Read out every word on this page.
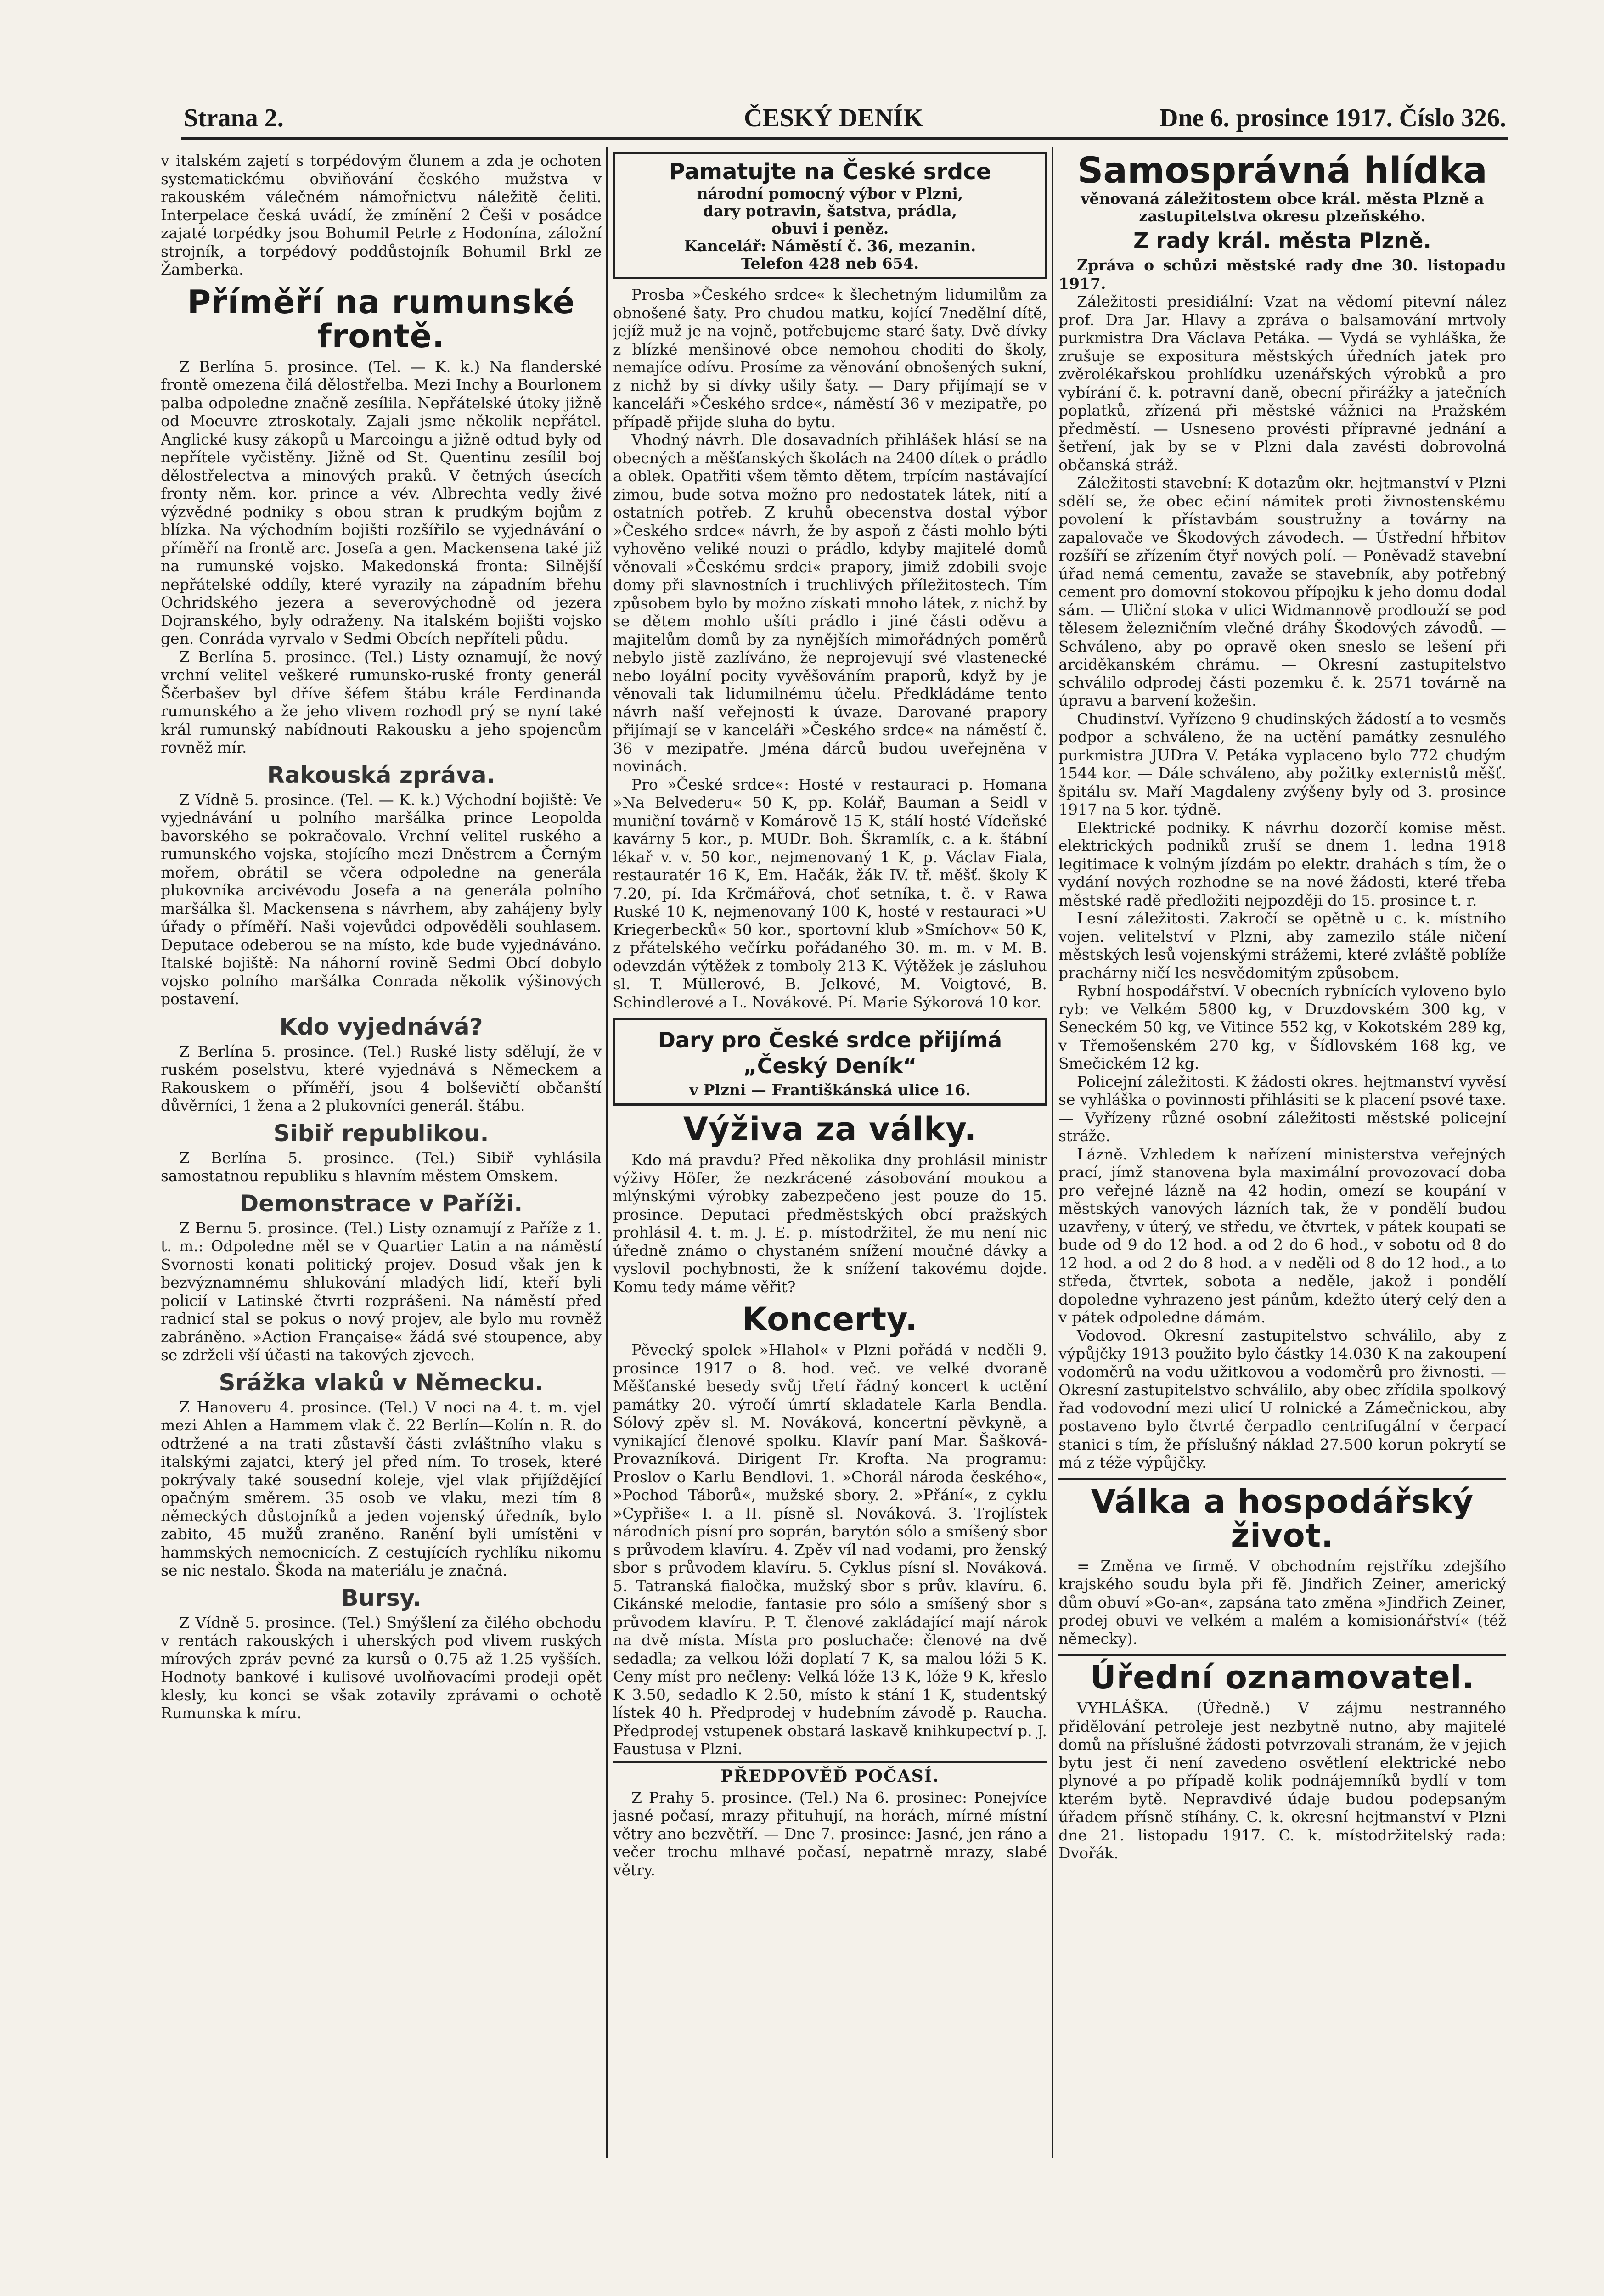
Strana 2.	ČESKÝ DENÍK	Dne 6. prosince 1917. Číslo 326.

v italském zajetí s torpédovým člunem a zda je ochoten systematickému obviňování českého mužstva v rakouském válečném námořnictvu náležitě čeliti. Interpelace česká uvádí, že zmínění 2 Češi v posádce zajaté torpédky jsou Bohumil Petrle z Hodonína, záložní strojník, a torpédový poddůstojník Bohumil Brkl ze Žamberka.

Příměří na rumunské frontě.

Z Berlína 5. prosince. (Tel. — K. k.) Na flanderské frontě omezena čilá dělostřelba. Mezi Inchy a Bourlonem palba odpoledne značně zesílila. Nepřátelské útoky jižně od Moeuvre ztroskotaly. Zajali jsme několik nepřátel. Anglické kusy zákopů u Marcoingu a jižně odtud byly od nepřítele vyčistěny. Jižně od St. Quentinu zesílil boj dělostřelectva a minových praků. V četných úsecích fronty něm. kor. prince a vév. Albrechta vedly živé výzvědné podniky s obou stran k prudkým bojům z blízka. Na východním bojišti rozšířilo se vyjednávání o příměří na frontě arc. Josefa a gen. Mackensena také již na rumunské vojsko. Makedonská fronta: Silnější nepřátelské oddíly, které vyrazily na západním břehu Ochridského jezera a severovýchodně od jezera Dojranského, byly odraženy. Na italském bojišti vojsko gen. Conráda vyrvalo v Sedmi Obcích nepříteli půdu.

Z Berlína 5. prosince. (Tel.) Listy oznamují, že nový vrchní velitel veškeré rumunsko-ruské fronty generál Ščerbašev byl dříve šéfem štábu krále Ferdinanda rumunského a že jeho vlivem rozhodl prý se nyní také král rumunský nabídnouti Rakousku a jeho spojencům rovněž mír.

Rakouská zpráva.

Z Vídně 5. prosince. (Tel. — K. k.) Východní bojiště: Ve vyjednávání u polního maršálka prince Leopolda bavorského se pokračovalo. Vrchní velitel ruského a rumunského vojska, stojícího mezi Dněstrem a Černým mořem, obrátil se včera odpoledne na generála plukovníka arcivévodu Josefa a na generála polního maršálka šl. Mackensena s návrhem, aby zahájeny byly úřady o příměří. Naši vojevůdci odpověděli souhlasem. Deputace odeberou se na místo, kde bude vyjednáváno. Italské bojiště: Na náhorní rovině Sedmi Obcí dobylo vojsko polního maršálka Conrada několik výšinových postavení.

Kdo vyjednává?

Z Berlína 5. prosince. (Tel.) Ruské listy sdělují, že v ruském poselstvu, které vyjednává s Německem a Rakouskem o příměří, jsou 4 bolševičtí občanští důvěrníci, 1 žena a 2 plukovníci generál. štábu.

Sibiř republikou.

Z Berlína 5. prosince. (Tel.) Sibiř vyhlásila samostatnou republiku s hlavním městem Omskem.

Demonstrace v Paříži.

Z Bernu 5. prosince. (Tel.) Listy oznamují z Paříže z 1. t. m.: Odpoledne měl se v Quartier Latin a na náměstí Svornosti konati politický projev. Dosud však jen k bezvýznamnému shlukování mladých lidí, kteří byli policií v Latinské čtvrti rozprášeni. Na náměstí před radnicí stal se pokus o nový projev, ale bylo mu rovněž zabráněno. »Action Française« žádá své stoupence, aby se zdrželi vší účasti na takových zjevech.

Srážka vlaků v Německu.

Z Hanoveru 4. prosince. (Tel.) V noci na 4. t. m. vjel mezi Ahlen a Hammem vlak č. 22 Berlín—Kolín n. R. do odtržené a na trati zůstavší části zvláštního vlaku s italskými zajatci, který jel před ním. To trosek, které pokrývaly také sousední koleje, vjel vlak přijíždějící opačným směrem. 35 osob ve vlaku, mezi tím 8 německých důstojníků a jeden vojenský úředník, bylo zabito, 45 mužů zraněno. Ranění byli umístěni v hammských nemocnicích. Z cestujících rychlíku nikomu se nic nestalo. Škoda na materiálu je značná.

Bursy.

Z Vídně 5. prosince. (Tel.) Smýšlení za čilého obchodu v rentách rakouských i uherských pod vlivem ruských mírových zpráv pevné za kursů o 0.75 až 1.25 vyšších. Hodnoty bankové i kulisové uvolňovacími prodeji opět klesly, ku konci se však zotavily zprávami o ochotě Rumunska k míru.

Pamatujte na České srdce
národní pomocný výbor v Plzni,
dary potravin, šatstva, prádla,
obuvi i peněz.
Kancelář: Náměstí č. 36, mezanin.
Telefon 428 neb 654.

Prosba »Českého srdce« k šlechetným lidumilům za obnošené šaty. Pro chudou matku, kojící 7nedělní dítě, jejíž muž je na vojně, potřebujeme staré šaty. Dvě dívky z blízké menšinové obce nemohou choditi do školy, nemajíce odívu. Prosíme za věnování obnošených sukní, z nichž by si dívky ušily šaty. — Dary přijímají se v kanceláři »Českého srdce«, náměstí 36 v mezipatře, po případě přijde sluha do bytu.

Vhodný návrh. Dle dosavadních přihlášek hlásí se na obecných a měšťanských školách na 2400 dítek o prádlo a oblek. Opatřiti všem těmto dětem, trpícím nastávající zimou, bude sotva možno pro nedostatek látek, nití a ostatních potřeb. Z kruhů obecenstva dostal výbor »Českého srdce« návrh, že by aspoň z části mohlo býti vyhověno veliké nouzi o prádlo, kdyby majitelé domů věnovali »Českému srdci« prapory, jimiž zdobili svoje domy při slavnostních i truchlivých příležitostech. Tím způsobem bylo by možno získati mnoho látek, z nichž by se dětem mohlo ušíti prádlo i jiné části oděvu a majitelům domů by za nynějších mimořádných poměrů nebylo jistě zazlíváno, že neprojevují své vlastenecké nebo loyální pocity vyvěšováním praporů, když by je věnovali tak lidumilnému účelu. Předkládáme tento návrh naší veřejnosti k úvaze. Darované prapory přijímají se v kanceláři »Českého srdce« na náměstí č. 36 v mezipatře. Jména dárců budou uveřejněna v novinách.

Pro »České srdce«: Hosté v restauraci p. Homana »Na Belvederu« 50 K, pp. Kolář, Bauman a Seidl v muniční továrně v Komárově 15 K, stálí hosté Vídeňské kavárny 5 kor., p. MUDr. Boh. Škramlík, c. a k. štábní lékař v. v. 50 kor., nejmenovaný 1 K, p. Václav Fiala, restauratér 16 K, Em. Hačák, žák IV. tř. měšť. školy K 7.20, pí. Ida Krčmářová, choť setníka, t. č. v Rawa Ruské 10 K, nejmenovaný 100 K, hosté v restauraci »U Kriegerbecků« 50 kor., sportovní klub »Smíchov« 50 K, z přátelského večírku pořádaného 30. m. m. v M. B. odevzdán výtěžek z tomboly 213 K. Výtěžek je zásluhou sl. T. Müllerové, B. Jelkové, M. Voigtové, B. Schindlerové a L. Novákové. Pí. Marie Sýkorová 10 kor.

Dary pro České srdce přijímá „Český Deník“
v Plzni — Františkánská ulice 16.
Výživa za války.

Kdo má pravdu? Před několika dny prohlásil ministr výživy Höfer, že nezkrácené zásobování moukou a mlýnskými výrobky zabezpečeno jest pouze do 15. prosince. Deputaci předměstských obcí pražských prohlásil 4. t. m. J. E. p. místodržitel, že mu není nic úředně známo o chystaném snížení moučné dávky a vyslovil pochybnosti, že k snížení takovému dojde. Komu tedy máme věřit?

Koncerty.

Pěvecký spolek »Hlahol« v Plzni pořádá v neděli 9. prosince 1917 o 8. hod. več. ve velké dvoraně Měšťanské besedy svůj třetí řádný koncert k uctění památky 20. výročí úmrtí skladatele Karla Bendla. Sólový zpěv sl. M. Nováková, koncertní pěvkyně, a vynikající členové spolku. Klavír paní Mar. Šašková-Provazníková. Dirigent Fr. Krofta. Na programu: Proslov o Karlu Bendlovi. 1. »Chorál národa českého«, »Pochod Táborů«, mužské sbory. 2. »Přání«, z cyklu »Cypřiše« I. a II. písně sl. Nováková. 3. Trojlístek národních písní pro soprán, barytón sólo a smíšený sbor s průvodem klavíru. 4. Zpěv víl nad vodami, pro ženský sbor s průvodem klavíru. 5. Cyklus písní sl. Nováková. 5. Tatranská fialočka, mužský sbor s prův. klavíru. 6. Cikánské melodie, fantasie pro sólo a smíšený sbor s průvodem klavíru. P. T. členové zakládající mají nárok na dvě místa. Místa pro posluchače: členové na dvě sedadla; za velkou lóži doplatí 7 K, sa malou lóži 5 K. Ceny míst pro nečleny: Velká lóže 13 K, lóže 9 K, křeslo K 3.50, sedadlo K 2.50, místo k stání 1 K, studentský lístek 40 h. Předprodej v hudebním závodě p. Raucha. Předprodej vstupenek obstará laskavě knihkupectví p. J. Faustusa v Plzni.

PŘEDPOVĚĎ POČASÍ.

Z Prahy 5. prosince. (Tel.) Na 6. prosinec: Ponejvíce jasné počasí, mrazy přituhují, na horách, mírné místní větry ano bezvětří. — Dne 7. prosince: Jasné, jen ráno a večer trochu mlhavé počasí, nepatrně mrazy, slabé větry.

Samosprávná hlídka
věnovaná záležitostem obce král. města Plzně a zastupitelstva okresu plzeňského.
Z rady král. města Plzně.

Zpráva o schůzi městské rady dne 30. listopadu 1917.

Záležitosti presidiální: Vzat na vědomí pitevní nález prof. Dra Jar. Hlavy a zpráva o balsamování mrtvoly purkmistra Dra Václava Petáka. — Vydá se vyhláška, že zrušuje se expositura městských úředních jatek pro zvěrolékařskou prohlídku uzenářských výrobků a pro vybírání č. k. potravní daně, obecní přirážky a jatečních poplatků, zřízená při městské vážnici na Pražském předměstí. — Usneseno provésti přípravné jednání a šetření, jak by se v Plzni dala zavésti dobrovolná občanská stráž.

Záležitosti stavební: K dotazům okr. hejtmanství v Plzni sdělí se, že obec ečiní námitek proti živnostenskému povolení k přístavbám soustružny a továrny na zapalovače ve Škodových závodech. — Ústřední hřbitov rozšíří se zřízením čtyř nových polí. — Poněvadž stavební úřad nemá cementu, zavaže se stavebník, aby potřebný cement pro domovní stokovou přípojku k jeho domu dodal sám. — Uliční stoka v ulici Widmannově prodlouží se pod tělesem železničním vlečné dráhy Škodových závodů. — Schváleno, aby po opravě oken sneslo se lešení při arciděkanském chrámu. — Okresní zastupitelstvo schválilo odprodej části pozemku č. k. 2571 továrně na úpravu a barvení kožešin.

Chudinství. Vyřízeno 9 chudinských žádostí a to vesměs podpor a schváleno, že na uctění památky zesnulého purkmistra JUDra V. Petáka vyplaceno bylo 772 chudým 1544 kor. — Dále schváleno, aby požitky externistů měšť. špitálu sv. Maří Magdaleny zvýšeny byly od 3. prosince 1917 na 5 kor. týdně.

Elektrické podniky. K návrhu dozorčí komise měst. elektrických podniků zruší se dnem 1. ledna 1918 legitimace k volným jízdám po elektr. drahách s tím, že o vydání nových rozhodne se na nové žádosti, které třeba městské radě předložiti nejpozději do 15. prosince t. r.

Lesní záležitosti. Zakročí se opětně u c. k. místního vojen. velitelství v Plzni, aby zamezilo stále ničení městských lesů vojenskými strážemi, které zvláště poblíže prachárny ničí les nesvědomitým způsobem.

Rybní hospodářství. V obecních rybnících vyloveno bylo ryb: ve Velkém 5800 kg, v Druzdovském 300 kg, v Seneckém 50 kg, ve Vitince 552 kg, v Kokotském 289 kg, v Třemošenském 270 kg, v Šídlovském 168 kg, ve Smečickém 12 kg.

Policejní záležitosti. K žádosti okres. hejtmanství vyvěsí se vyhláška o povinnosti přihlásiti se k placení psové taxe. — Vyřízeny různé osobní záležitosti městské policejní stráže.

Lázně. Vzhledem k nařízení ministerstva veřejných prací, jímž stanovena byla maximální provozovací doba pro veřejné lázně na 42 hodin, omezí se koupání v městských vanových lázních tak, že v pondělí budou uzavřeny, v úterý, ve středu, ve čtvrtek, v pátek koupati se bude od 9 do 12 hod. a od 2 do 6 hod., v sobotu od 8 do 12 hod. a od 2 do 8 hod. a v neděli od 8 do 12 hod., a to středa, čtvrtek, sobota a neděle, jakož i pondělí dopoledne vyhrazeno jest pánům, kdežto úterý celý den a v pátek odpoledne dámám.

Vodovod. Okresní zastupitelstvo schválilo, aby z výpůjčky 1913 použito bylo částky 14.030 K na zakoupení vodoměrů na vodu užitkovou a vodoměrů pro živnosti. — Okresní zastupitelstvo schválilo, aby obec zřídila spolkový řad vodovodní mezi ulicí U rolnické a Zámečnickou, aby postaveno bylo čtvrté čerpadlo centrifugální v čerpací stanici s tím, že příslušný náklad 27.500 korun pokrytí se má z téže výpůjčky.

Válka a hospodářský život.

= Změna ve firmě. V obchodním rejstříku zdejšího krajského soudu byla při fě. Jindřich Zeiner, americký dům obuví »Go-an«, zapsána tato změna »Jindřich Zeiner, prodej obuvi ve velkém a malém a komisionářství« (též německy).

Úřední oznamovatel.

VYHLÁŠKA. (Úředně.) V zájmu nestranného přidělování petroleje jest nezbytně nutno, aby majitelé domů na příslušné žádosti potvrzovali stranám, že v jejich bytu jest či není zavedeno osvětlení elektrické nebo plynové a po případě kolik podnájemníků bydlí v tom kterém bytě. Nepravdivé údaje budou podepsaným úřadem přísně stíhány. C. k. okresní hejtmanství v Plzni dne 21. listopadu 1917. C. k. místodržitelský rada: Dvořák.
